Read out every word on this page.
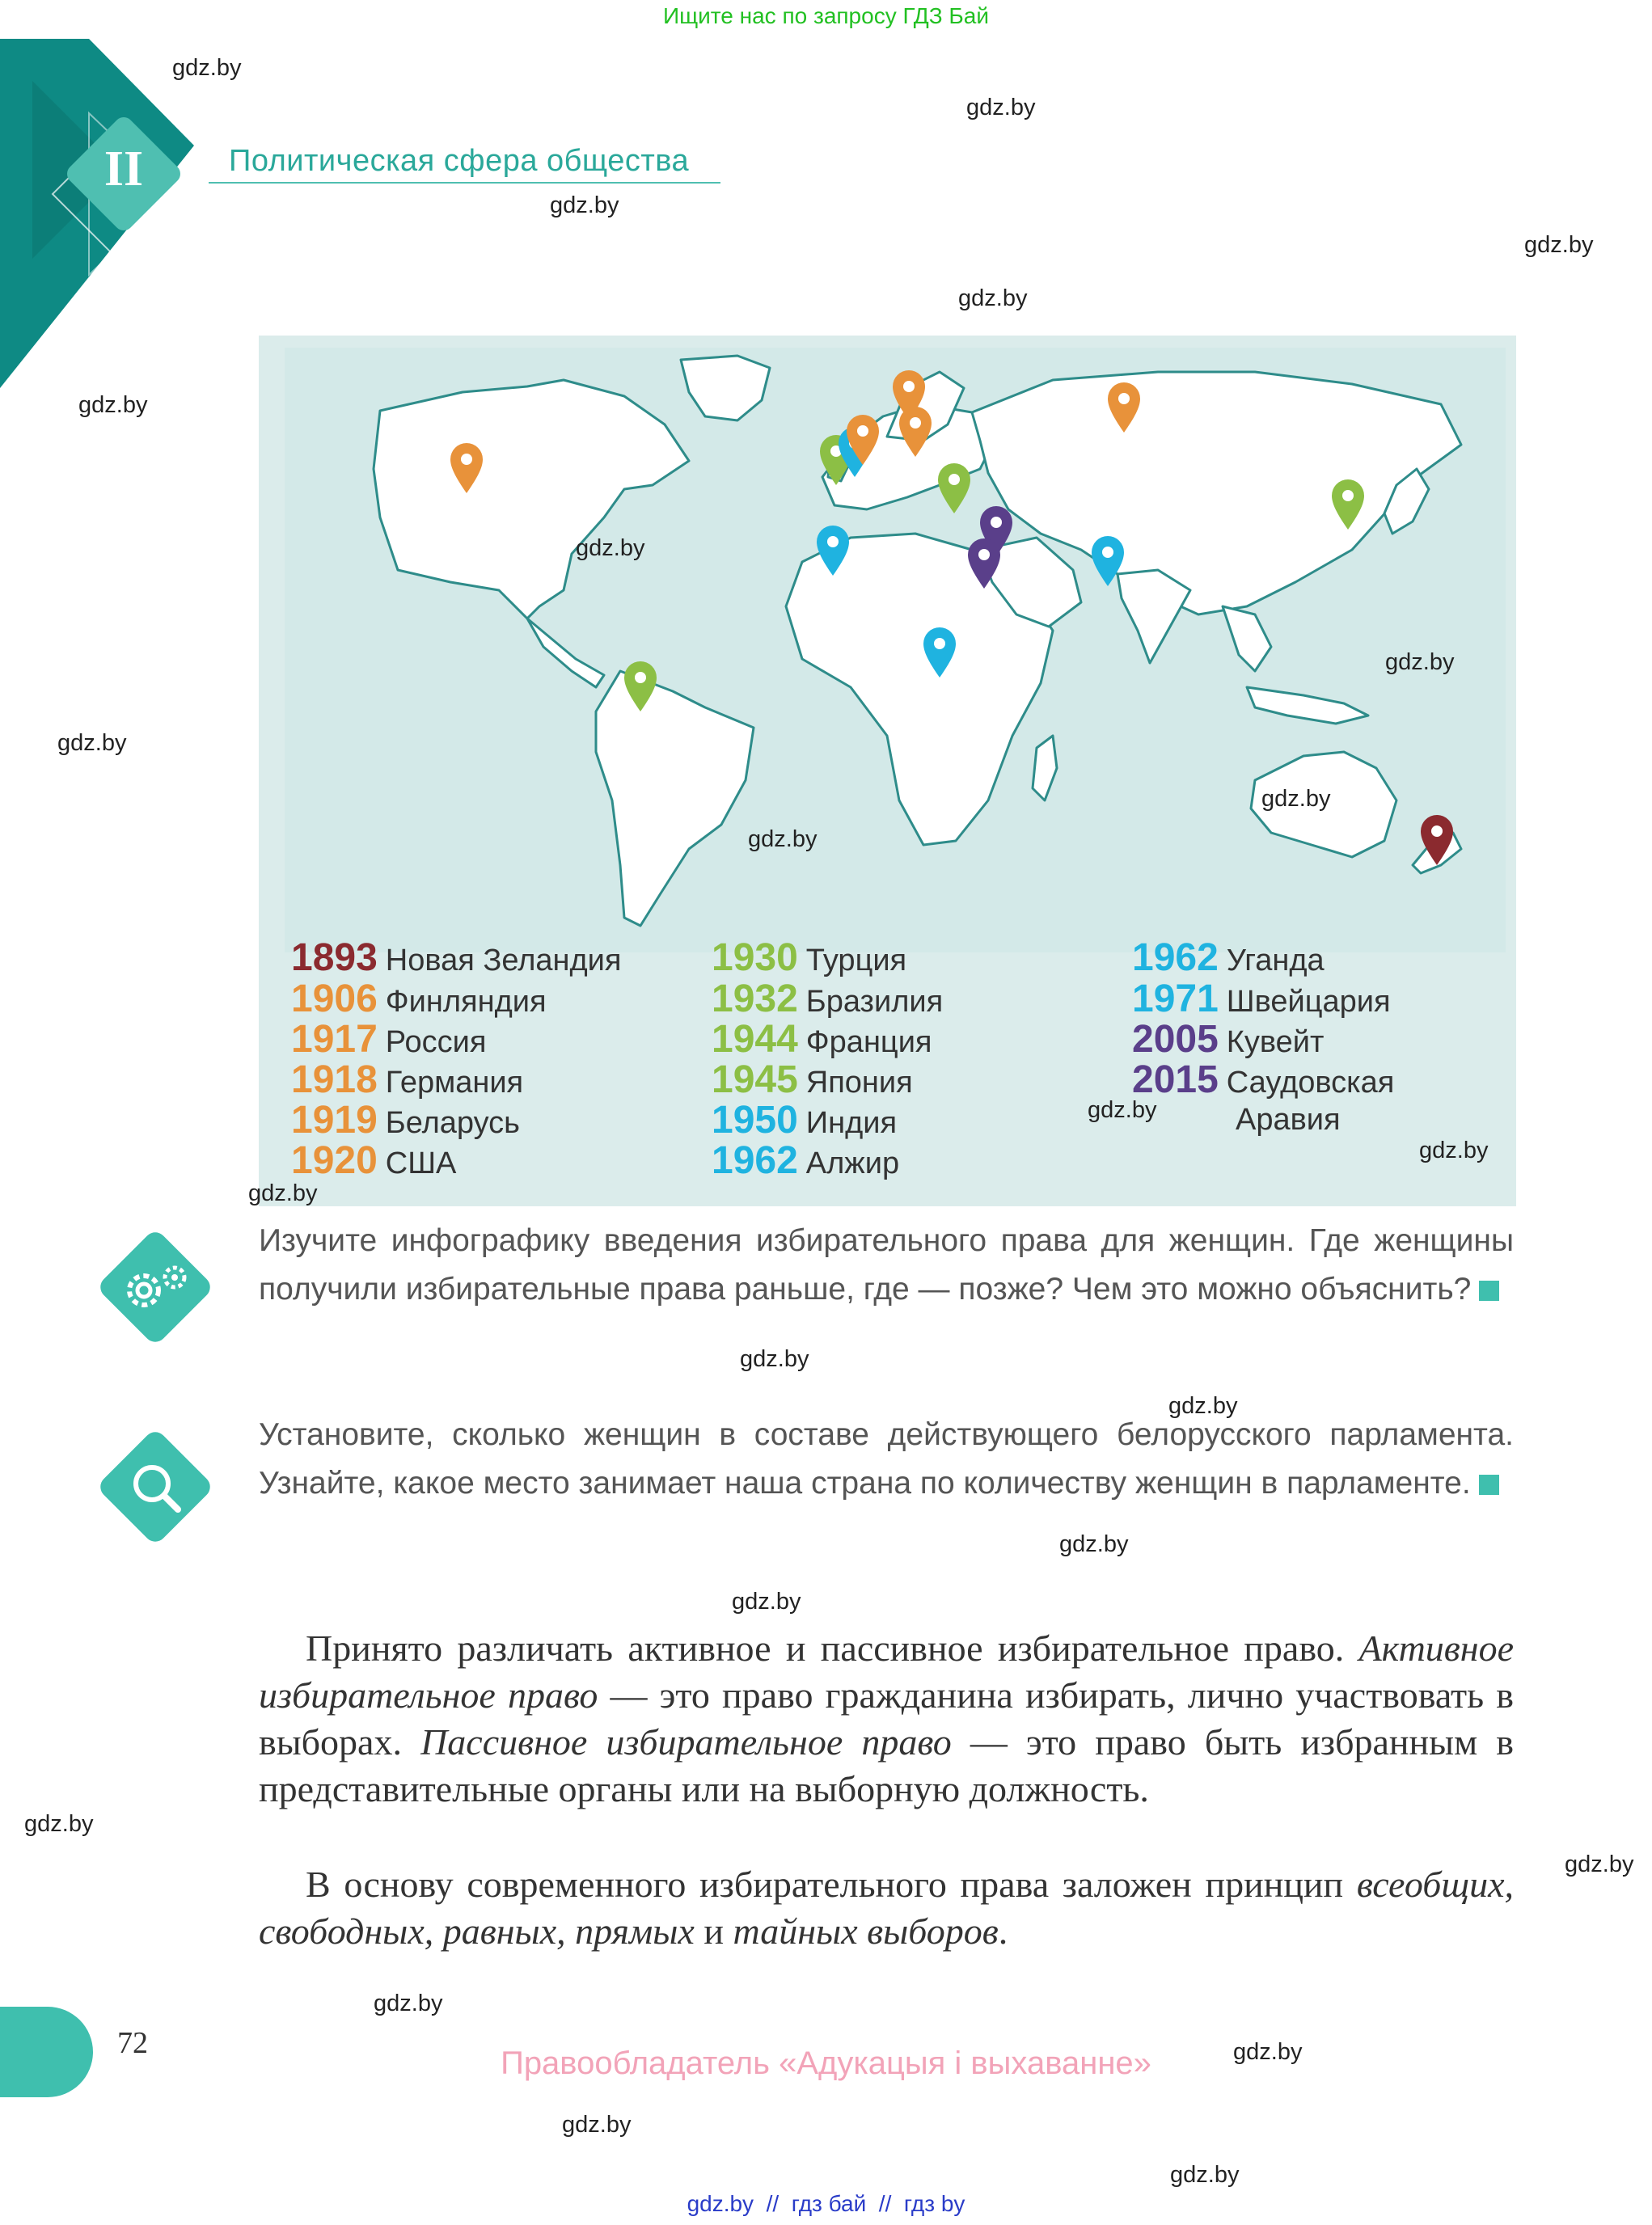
Ищите нас по запросу ГДЗ Бай
II	Политическая сфера общества
gdz.by
gdz.by
gdz.by
gdz.by
gdz.by
gdz.by
gdz.by
gdz.by
gdz.by
gdz.by
gdz.by
gdz.by
gdz.by
gdz.by
gdz.by
gdz.by
gdz.by
gdz.by
gdz.by
gdz.by
gdz.by
1893 Новая Зеландия
1906 Финляндия
1917 Россия
1918 Германия
1919 Беларусь
1920 США
1930 Турция
1932 Бразилия
1944 Франция
1945 Япония
1950 Индия
1962 Алжир
1962 Уганда
1971 Швейцария
2005 Кувейт
2015 Саудовская
Аравия
gdz.by
gdz.by
gdz.by
Изучите инфографику введения избирательного права для женщин. Где женщины получили избирательные права раньше, где — позже? Чем это можно объяснить?
Установите, сколько женщин в составе действующего белорусского парламента. Узнайте, какое место занимает наша страна по количеству женщин в парламенте.
Принято различать активное и пассивное избирательное право. Активное избирательное право — это право гражданина избирать, лично участвовать в выборах. Пассивное избирательное право — это право быть избранным в представительные органы или на выборную должность.
В основу современного избирательного права заложен принцип всеобщих, свободных, равных, прямых и тайных выборов.
72
Правообладатель «Адукацыя і выхаванне»
gdz.by  //  гдз бай  //  гдз by
